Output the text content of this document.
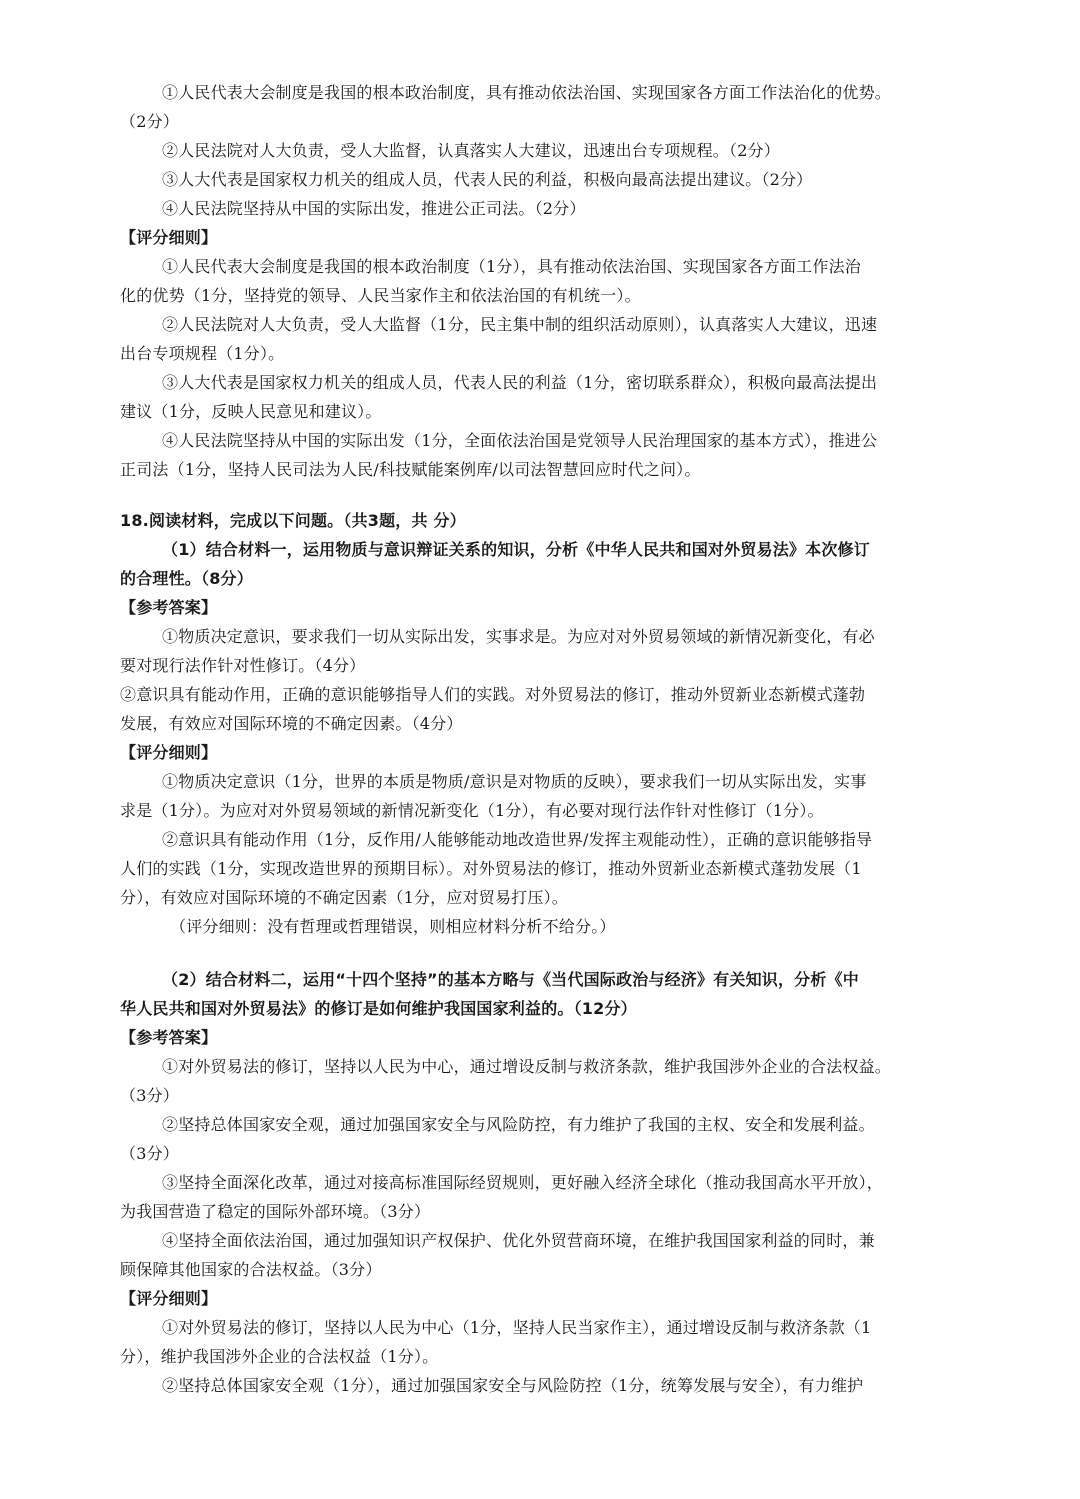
①人民代表大会制度是我国的根本政治制度，具有推动依法治国、实现国家各方面工作法治化的优势。
（2分）
②人民法院对人大负责，受人大监督，认真落实人大建议，迅速出台专项规程。（2分）
③人大代表是国家权力机关的组成人员，代表人民的利益，积极向最高法提出建议。（2分）
④人民法院坚持从中国的实际出发，推进公正司法。（2分）
【评分细则】
①人民代表大会制度是我国的根本政治制度（1分），具有推动依法治国、实现国家各方面工作法治
化的优势（1分，坚持党的领导、人民当家作主和依法治国的有机统一）。
②人民法院对人大负责，受人大监督（1分，民主集中制的组织活动原则），认真落实人大建议，迅速
出台专项规程（1分）。
③人大代表是国家权力机关的组成人员，代表人民的利益（1分，密切联系群众），积极向最高法提出
建议（1分，反映人民意见和建议）。
④人民法院坚持从中国的实际出发（1分，全面依法治国是党领导人民治理国家的基本方式），推进公
正司法（1分，坚持人民司法为人民/科技赋能案例库/以司法智慧回应时代之问）。
18.阅读材料，完成以下问题。（共3题，共 分）
（1）结合材料一，运用物质与意识辩证关系的知识，分析《中华人民共和国对外贸易法》本次修订
的合理性。（8分）
【参考答案】
①物质决定意识，要求我们一切从实际出发，实事求是。为应对对外贸易领域的新情况新变化，有必
要对现行法作针对性修订。（4分）
②意识具有能动作用，正确的意识能够指导人们的实践。对外贸易法的修订，推动外贸新业态新模式蓬勃
发展，有效应对国际环境的不确定因素。（4分）
【评分细则】
①物质决定意识（1分，世界的本质是物质/意识是对物质的反映），要求我们一切从实际出发，实事
求是（1分）。为应对对外贸易领域的新情况新变化（1分），有必要对现行法作针对性修订（1分）。
②意识具有能动作用（1分，反作用/人能够能动地改造世界/发挥主观能动性），正确的意识能够指导
人们的实践（1分，实现改造世界的预期目标）。对外贸易法的修订，推动外贸新业态新模式蓬勃发展（1
分），有效应对国际环境的不确定因素（1分，应对贸易打压）。
（评分细则：没有哲理或哲理错误，则相应材料分析不给分。）
（2）结合材料二，运用“十四个坚持”的基本方略与《当代国际政治与经济》有关知识，分析《中
华人民共和国对外贸易法》的修订是如何维护我国国家利益的。（12分）
【参考答案】
①对外贸易法的修订，坚持以人民为中心，通过增设反制与救济条款，维护我国涉外企业的合法权益。
（3分）
②坚持总体国家安全观，通过加强国家安全与风险防控，有力维护了我国的主权、安全和发展利益。
（3分）
③坚持全面深化改革，通过对接高标准国际经贸规则，更好融入经济全球化（推动我国高水平开放），
为我国营造了稳定的国际外部环境。（3分）
④坚持全面依法治国，通过加强知识产权保护、优化外贸营商环境，在维护我国国家利益的同时，兼
顾保障其他国家的合法权益。（3分）
【评分细则】
①对外贸易法的修订，坚持以人民为中心（1分，坚持人民当家作主），通过增设反制与救济条款（1
分），维护我国涉外企业的合法权益（1分）。
②坚持总体国家安全观（1分），通过加强国家安全与风险防控（1分，统筹发展与安全），有力维护
